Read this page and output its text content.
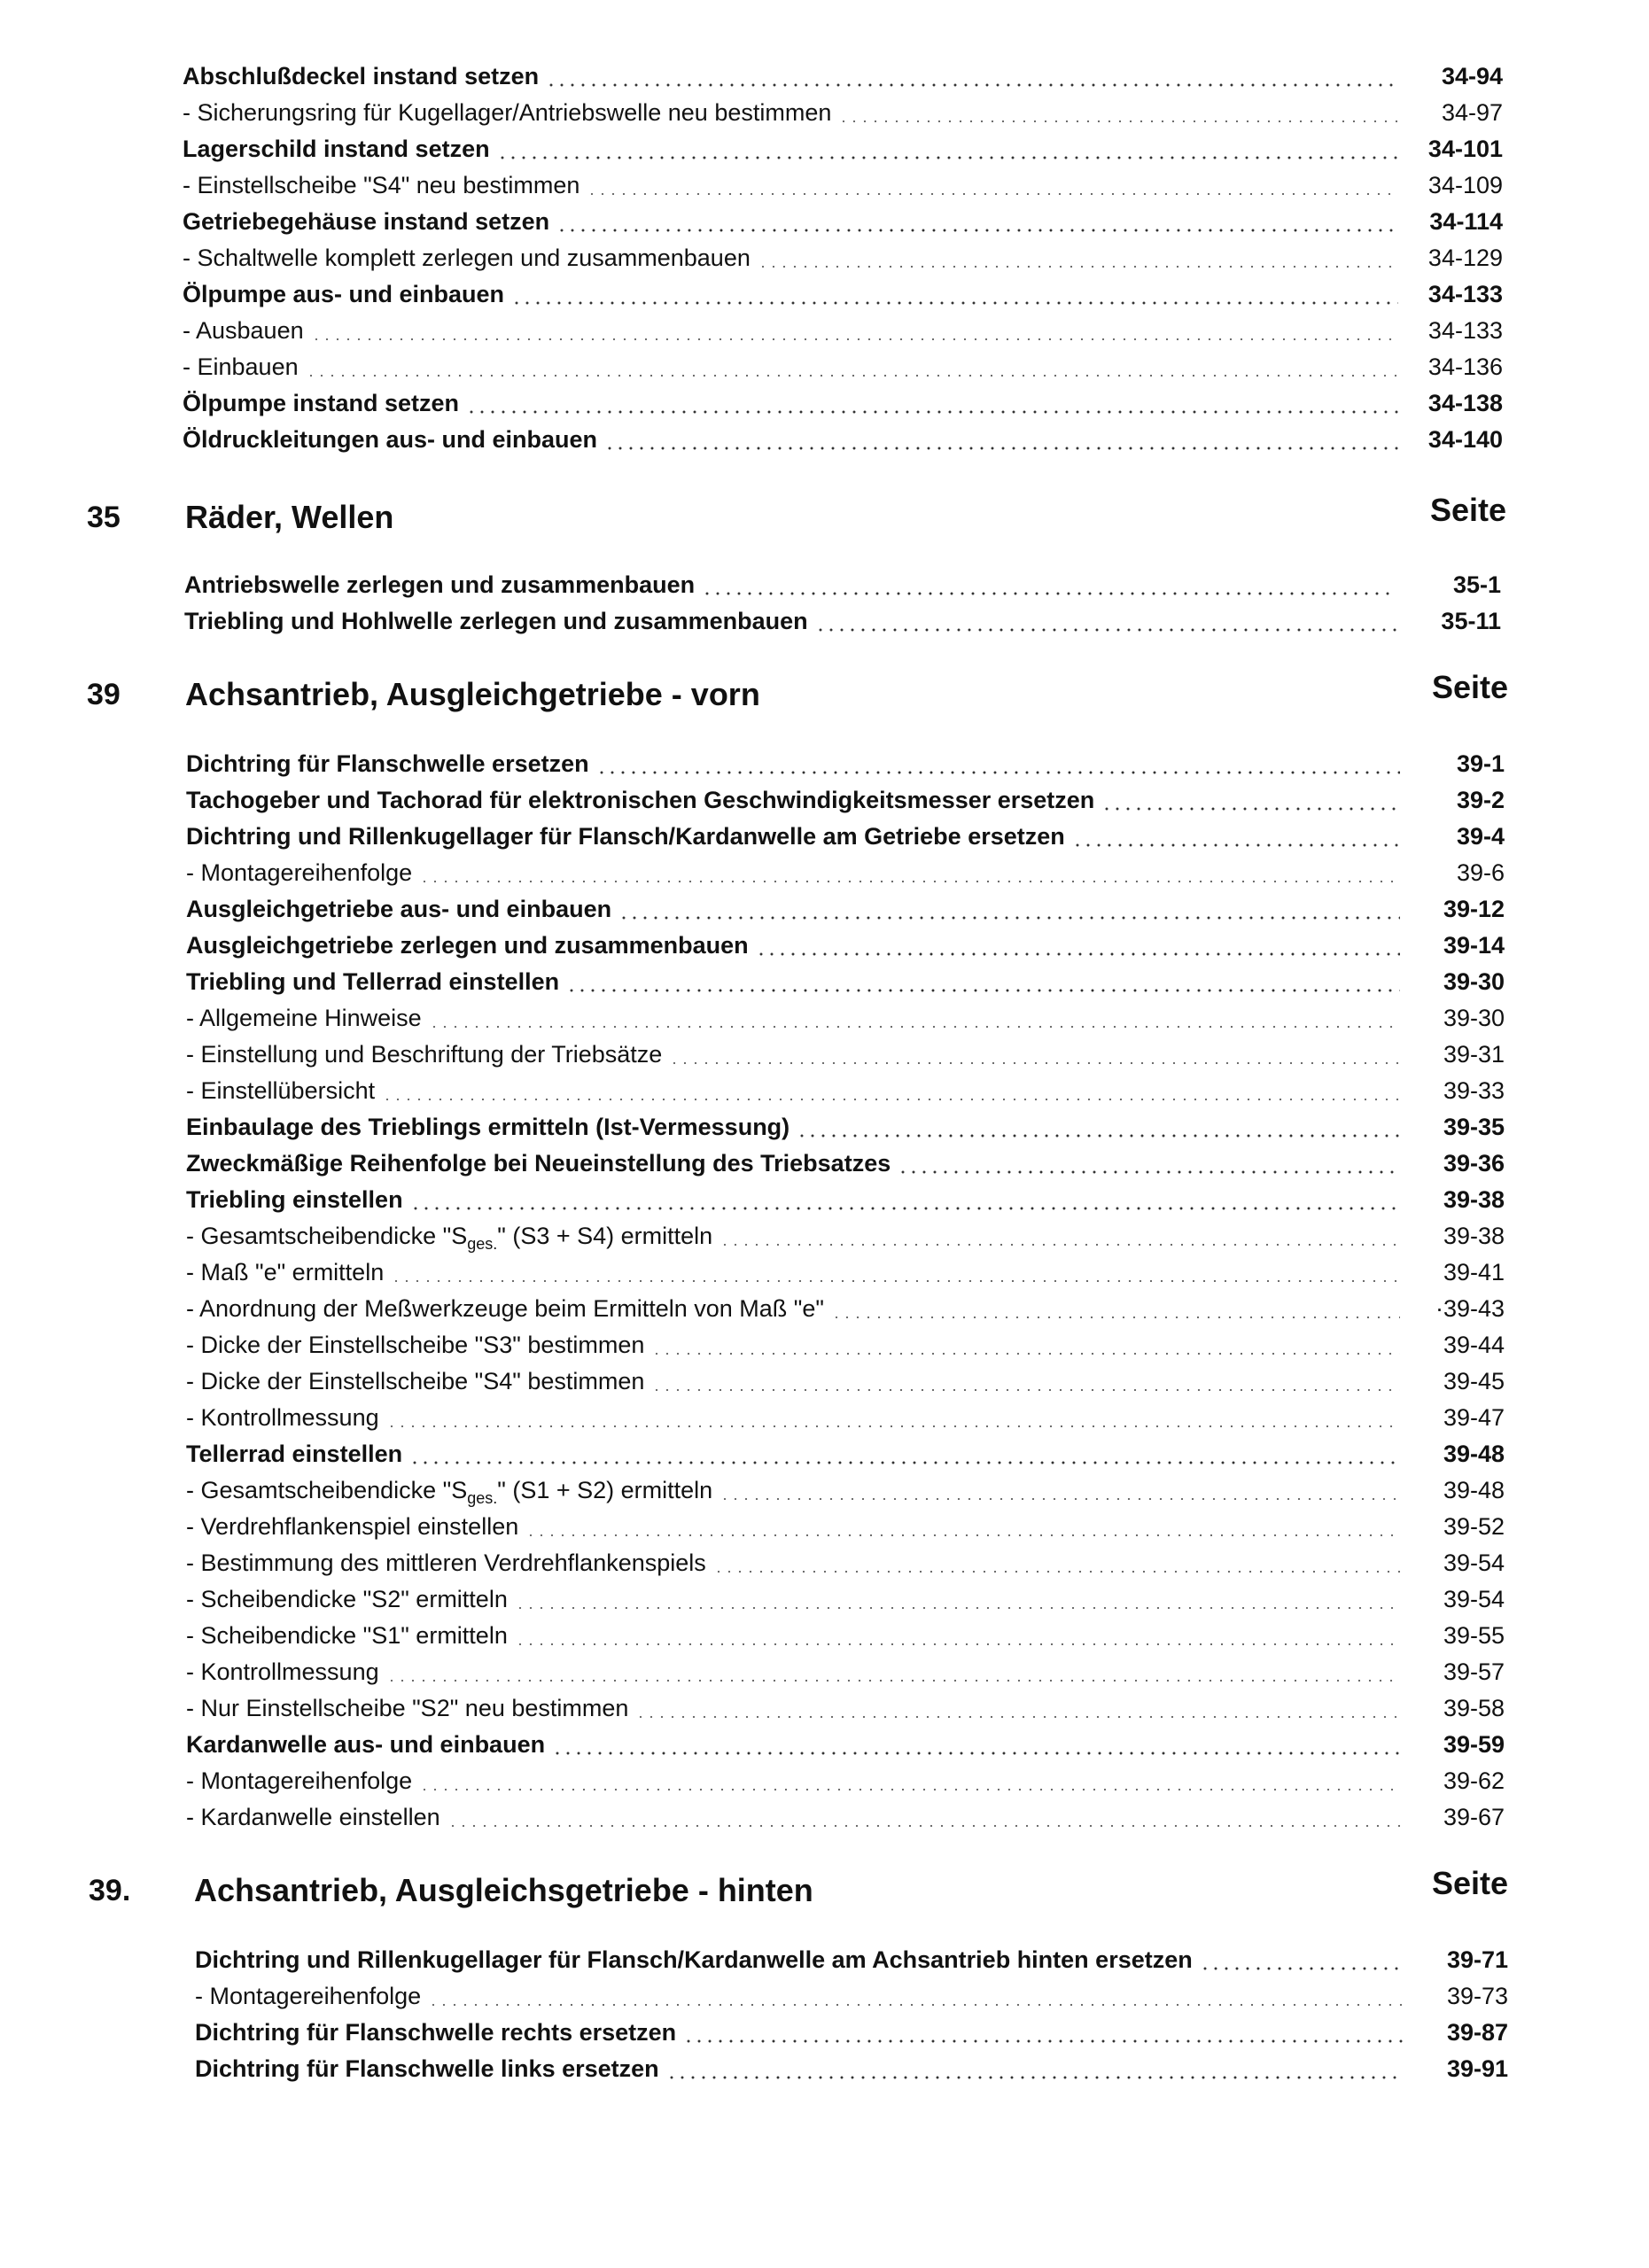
Abschlußdeckel instand setzen	34-94
- Sicherungsring für Kugellager/Antriebswelle neu bestimmen	34-97
Lagerschild instand setzen	34-101
- Einstellscheibe "S4" neu bestimmen	34-109
Getriebegehäuse instand setzen	34-114
- Schaltwelle komplett zerlegen und zusammenbauen	34-129
Ölpumpe aus- und einbauen	34-133
- Ausbauen	34-133
- Einbauen	34-136
Ölpumpe instand setzen	34-138
Öldruckleitungen aus- und einbauen	34-140
35 Räder, Wellen	Seite
Antriebswelle zerlegen und zusammenbauen	35-1
Triebling und Hohlwelle zerlegen und zusammenbauen	35-11
39 Achsantrieb, Ausgleichgetriebe - vorn	Seite
Dichtring für Flanschwelle ersetzen	39-1
Tachogeber und Tachorad für elektronischen Geschwindigkeitsmesser ersetzen	39-2
Dichtring und Rillenkugellager für Flansch/Kardanwelle am Getriebe ersetzen	39-4
- Montagereihenfolge	39-6
Ausgleichgetriebe aus- und einbauen	39-12
Ausgleichgetriebe zerlegen und zusammenbauen	39-14
Triebling und Tellerrad einstellen	39-30
- Allgemeine Hinweise	39-30
- Einstellung und Beschriftung der Triebsätze	39-31
- Einstellübersicht	39-33
Einbaulage des Trieblings ermitteln (Ist-Vermessung)	39-35
Zweckmäßige Reihenfolge bei Neueinstellung des Triebsatzes	39-36
Triebling einstellen	39-38
- Gesamtscheibendicke "$S_{ges.}$" (S3 + S4) ermitteln	39-38
- Maß "e" ermitteln	39-41
- Anordnung der Meßwerkzeuge beim Ermitteln von Maß "e"	·39-43
- Dicke der Einstellscheibe "S3" bestimmen	39-44
- Dicke der Einstellscheibe "S4" bestimmen	39-45
- Kontrollmessung	39-47
Tellerrad einstellen	39-48
- Gesamtscheibendicke "$S_{ges.}$" (S1 + S2) ermitteln	39-48
- Verdrehflankenspiel einstellen	39-52
- Bestimmung des mittleren Verdrehflankenspiels	39-54
- Scheibendicke "S2" ermitteln	39-54
- Scheibendicke "S1" ermitteln	39-55
- Kontrollmessung	39-57
- Nur Einstellscheibe "S2" neu bestimmen	39-58
Kardanwelle aus- und einbauen	39-59
- Montagereihenfolge	39-62
- Kardanwelle einstellen	39-67
39. Achsantrieb, Ausgleichsgetriebe - hinten	Seite
Dichtring und Rillenkugellager für Flansch/Kardanwelle am Achsantrieb hinten ersetzen	39-71
- Montagereihenfolge	39-73
Dichtring für Flanschwelle rechts ersetzen	39-87
Dichtring für Flanschwelle links ersetzen	39-91
